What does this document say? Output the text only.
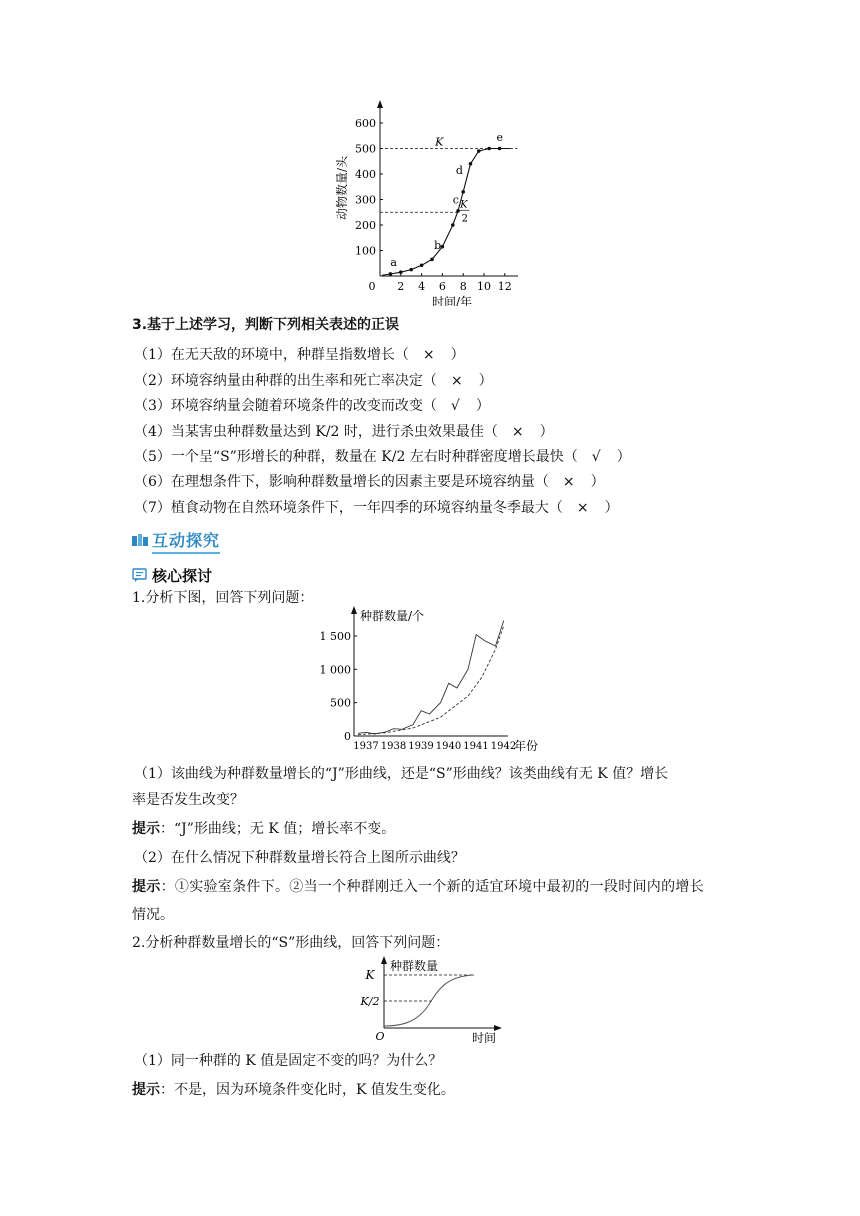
动物数量/头
600
500
400
300
200
100
0 2 4 6 8 10 12
时间/年
K
K
2
a
b
c
d
e
3.基于上述学习，判断下列相关表述的正误
（1）在无天敌的环境中，种群呈指数增长（ × ）
（2）环境容纳量由种群的出生率和死亡率决定（ × ）
（3）环境容纳量会随着环境条件的改变而改变（ √ ）
（4）当某害虫种群数量达到 K/2 时，进行杀虫效果最佳（ × ）
（5）一个呈“S”形增长的种群，数量在 K/2 左右时种群密度增长最快（ √ ）
（6）在理想条件下，影响种群数量增长的因素主要是环境容纳量（ × ）
（7）植食动物在自然环境条件下，一年四季的环境容纳量冬季最大（ × ）
互动探究
核心探讨
1.分析下图，回答下列问题：
种群数量/个
1 500
1 000
500
0
1937 1938 1939 1940 1941 1942
年份
（1）该曲线为种群数量增长的“J”形曲线，还是“S”形曲线？该类曲线有无 K 值？增长
率是否发生改变？
提示：“J”形曲线；无 K 值；增长率不变。
（2）在什么情况下种群数量增长符合上图所示曲线？
提示：①实验室条件下。②当一个种群刚迁入一个新的适宜环境中最初的一段时间内的增长
情况。
2.分析种群数量增长的“S”形曲线，回答下列问题：
种群数量
K
K/2
O	时间
（1）同一种群的 K 值是固定不变的吗？为什么？
提示：不是，因为环境条件变化时，K 值发生变化。
